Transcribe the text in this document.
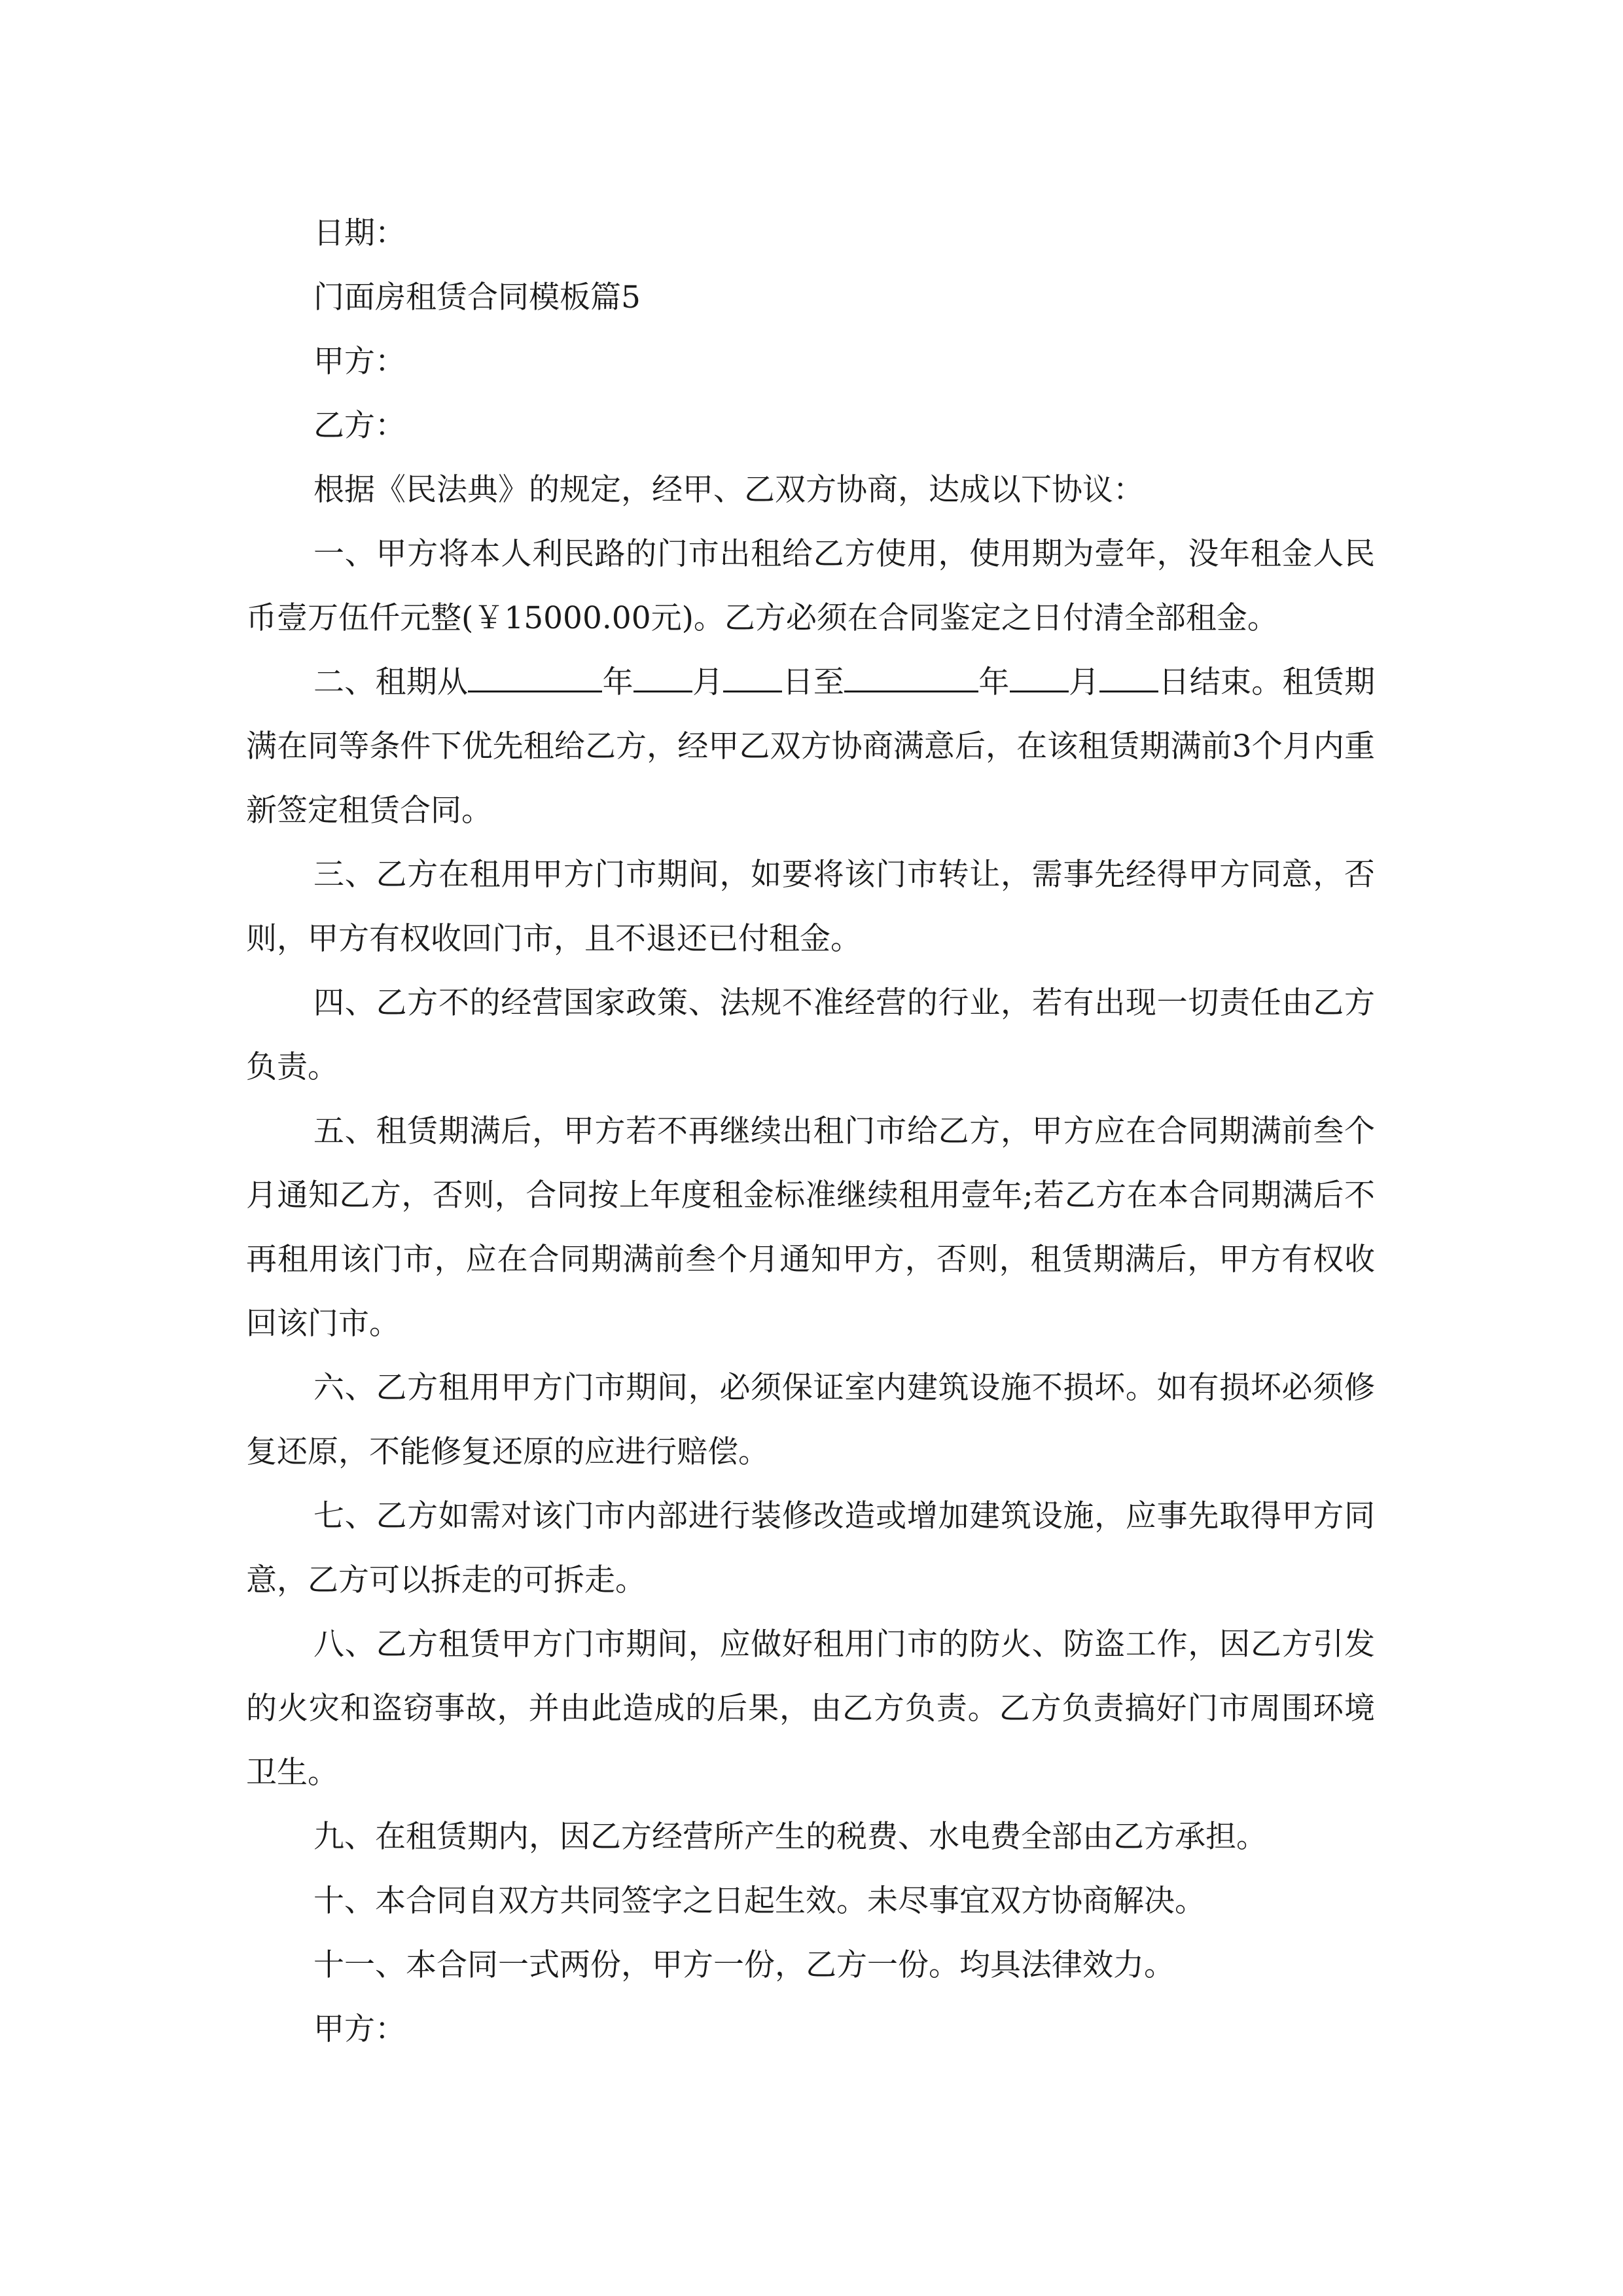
日期：

门面房租赁合同模板篇5

甲方：

乙方：

根据《民法典》的规定，经甲、乙双方协商，达成以下协议：

一、甲方将本人利民路的门市出租给乙方使用，使用期为壹年，没年租金人民币壹万伍仟元整(￥15000.00元)。乙方必须在合同鉴定之日付清全部租金。

二、租期从	年 月 日至	年 月 日结束。租赁期满在同等条件下优先租给乙方，经甲乙双方协商满意后，在该租赁期满前3个月内重新签定租赁合同。

三、乙方在租用甲方门市期间，如要将该门市转让，需事先经得甲方同意，否则，甲方有权收回门市，且不退还已付租金。

四、乙方不的经营国家政策、法规不准经营的行业，若有出现一切责任由乙方负责。

五、租赁期满后，甲方若不再继续出租门市给乙方，甲方应在合同期满前叁个月通知乙方，否则，合同按上年度租金标准继续租用壹年;若乙方在本合同期满后不再租用该门市，应在合同期满前叁个月通知甲方，否则，租赁期满后，甲方有权收回该门市。

六、乙方租用甲方门市期间，必须保证室内建筑设施不损坏。如有损坏必须修复还原，不能修复还原的应进行赔偿。

七、乙方如需对该门市内部进行装修改造或增加建筑设施，应事先取得甲方同意，乙方可以拆走的可拆走。

八、乙方租赁甲方门市期间，应做好租用门市的防火、防盗工作，因乙方引发的火灾和盗窃事故，并由此造成的后果，由乙方负责。乙方负责搞好门市周围环境卫生。

九、在租赁期内，因乙方经营所产生的税费、水电费全部由乙方承担。

十、本合同自双方共同签字之日起生效。未尽事宜双方协商解决。

十一、本合同一式两份，甲方一份，乙方一份。均具法律效力。

甲方：
